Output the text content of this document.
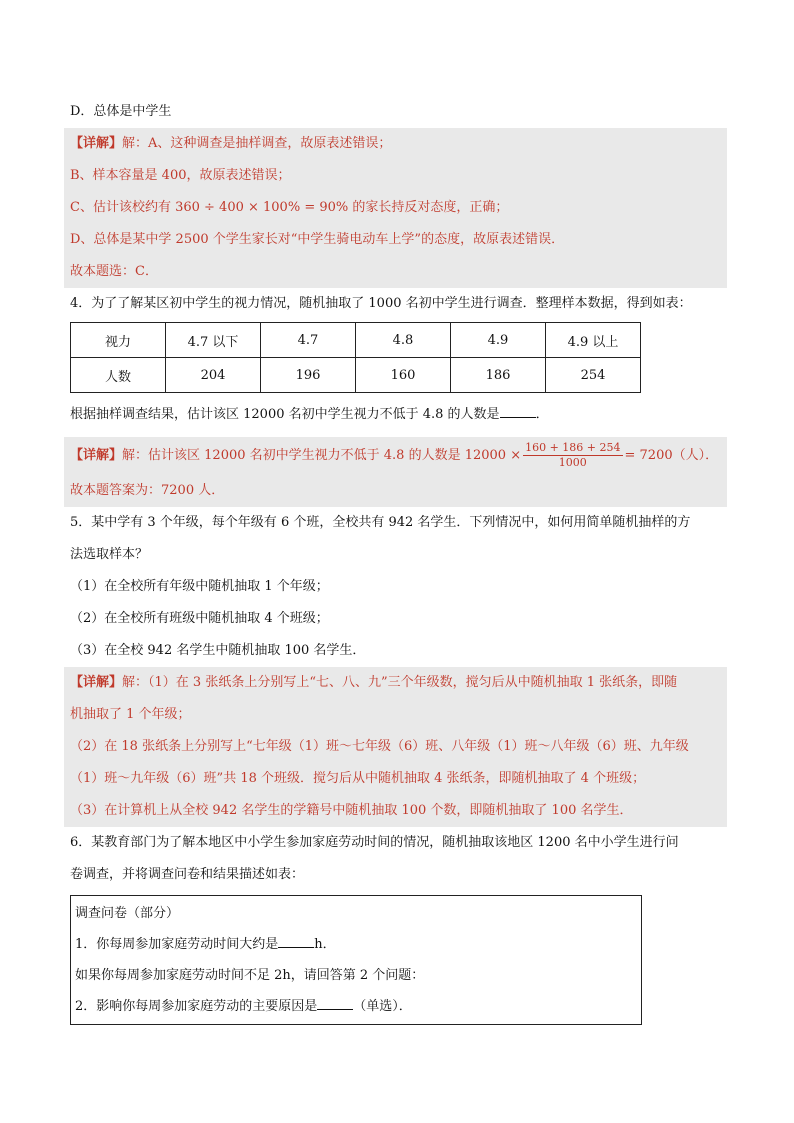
D．总体是中学生
【详解】解：A、这种调查是抽样调查，故原表述错误；
B、样本容量是 400，故原表述错误；
C、估计该校约有 360 ÷ 400 × 100% = 90% 的家长持反对态度，正确；
D、总体是某中学 2500 个学生家长对“中学生骑电动车上学”的态度，故原表述错误．
故本题选：C．
4．为了了解某区初中学生的视力情况，随机抽取了 1000 名初中学生进行调查．整理样本数据，得到如表：
视力	4.7 以下	4.7	4.8	4.9	4.9 以上
人数	204	196	160	186	254
根据抽样调查结果，估计该区 12000 名初中学生视力不低于 4.8 的人数是	．
【详解】解：估计该区 12000 名初中学生视力不低于 4.8 的人数是 $12000 \times \frac{160 + 186 + 254}{1000} = 7200$（人）．
故本题答案为：7200 人．
5．某中学有 3 个年级，每个年级有 6 个班，全校共有 942 名学生．下列情况中，如何用简单随机抽样的方
法选取样本？
（1）在全校所有年级中随机抽取 1 个年级；
（2）在全校所有班级中随机抽取 4 个班级；
（3）在全校 942 名学生中随机抽取 100 名学生．
【详解】解：（1）在 3 张纸条上分别写上“七、八、九”三个年级数，搅匀后从中随机抽取 1 张纸条，即随
机抽取了 1 个年级；
（2）在 18 张纸条上分别写上“七年级（1）班～七年级（6）班、八年级（1）班～八年级（6）班、九年级
（1）班～九年级（6）班”共 18 个班级．搅匀后从中随机抽取 4 张纸条，即随机抽取了 4 个班级；
（3）在计算机上从全校 942 名学生的学籍号中随机抽取 100 个数，即随机抽取了 100 名学生．
6．某教育部门为了解本地区中小学生参加家庭劳动时间的情况，随机抽取该地区 1200 名中小学生进行问
卷调查，并将调查问卷和结果描述如表：
调查问卷（部分）
1．你每周参加家庭劳动时间大约是	h．
如果你每周参加家庭劳动时间不足 2h，请回答第 2 个问题：
2．影响你每周参加家庭劳动的主要原因是	（单选）．
